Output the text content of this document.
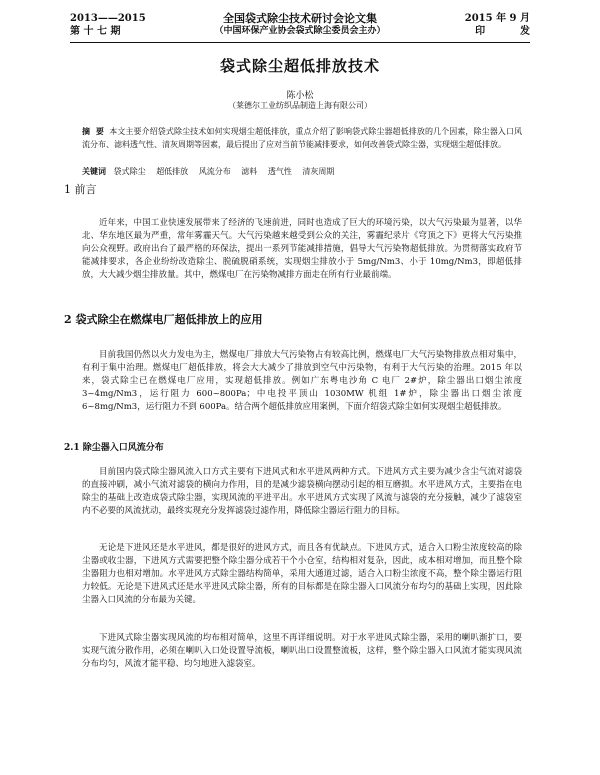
2013——2015
第 十 七 期
全国袋式除尘技术研讨会论文集
（中国环保产业协会袋式除尘委员会主办）
2015 年 9 月
印          发
袋式除尘超低排放技术
陈小松
（莱德尔工业纺织品制造上海有限公司）
摘  要 本文主要介绍袋式除尘技术如何实现烟尘超低排放，重点介绍了影响袋式除尘器超低排放的几个因素，除尘器入口风流分布、滤料透气性、清灰周期等因素，最后提出了应对当前节能减排要求，如何改善袋式除尘器，实现烟尘超低排放。
关键词 袋式除尘 超低排放 风流分布 滤料 透气性 清灰周期
1 前言

近年来，中国工业快速发展带来了经济的飞速前进，同时也造成了巨大的环境污染，以大气污染最为显著，以华北、华东地区最为严重，常年雾霾天气。大气污染越来越受到公众的关注，雾霾纪录片《穹顶之下》更将大气污染推向公众视野。政府出台了最严格的环保法，提出一系列节能减排措施，倡导大气污染物超低排放。为贯彻落实政府节能减排要求，各企业纷纷改造除尘、脱硫脱硝系统，实现烟尘排放小于 5mg/Nm3、小于 10mg/Nm3，即超低排放，大大减少烟尘排放量。其中，燃煤电厂在污染物减排方面走在所有行业最前端。

2 袋式除尘在燃煤电厂超低排放上的应用

目前我国仍然以火力发电为主，燃煤电厂排放大气污染物占有较高比例，燃煤电厂大气污染物排放点相对集中，有利于集中治理。燃煤电厂超低排放，将会大大减少了排放到空气中污染物，有利于大气污染的治理。2015 年以来，袋式除尘已在燃煤电厂应用，实现超低排放。例如广东粤电沙角 C 电厂 2#炉，除尘器出口烟尘浓度 3~4mg/Nm3，运行阻力 600~800Pa；中电投平顶山 1030MW 机组 1#炉，除尘器出口烟尘浓度 6~8mg/Nm3，运行阻力不到 600Pa。结合两个超低排放应用案例，下面介绍袋式除尘如何实现烟尘超低排放。

2.1 除尘器入口风流分布

目前国内袋式除尘器风流入口方式主要有下进风式和水平进风两种方式。下进风方式主要为减少含尘气流对滤袋的直接冲刷，减小气流对滤袋的横向力作用，目的是减少滤袋横向摆动引起的相互磨损。水平进风方式，主要指在电除尘的基础上改造成袋式除尘器，实现风流的平进平出。水平进风方式实现了风流与滤袋的充分接触，减少了滤袋室内不必要的风流扰动，最终实现充分发挥滤袋过滤作用，降低除尘器运行阻力的目标。

无论是下进风还是水平进风，都是很好的进风方式，而且各有优缺点。下进风方式，适合入口粉尘浓度较高的除尘器或收尘器，下进风方式需要把整个除尘器分成若干个小仓室，结构相对复杂，因此，成本相对增加，而且整个除尘器阻力也相对增加。水平进风方式除尘器结构简单，采用大通道过滤，适合入口粉尘浓度不高，整个除尘器运行阻力较低。无论是下进风式还是水平进风式除尘器，所有的目标都是在除尘器入口风流分布均匀的基础上实现，因此除尘器入口风流的分布最为关键。

下进风式除尘器实现风流的均布相对简单，这里不再详细说明。对于水平进风式除尘器，采用的喇叭渐扩口，要实现气流分散作用，必须在喇叭入口处设置导流板，喇叭出口设置整流板，这样，整个除尘器入口风流才能实现风流分布均匀，风流才能平稳、均匀地进入滤袋室。
